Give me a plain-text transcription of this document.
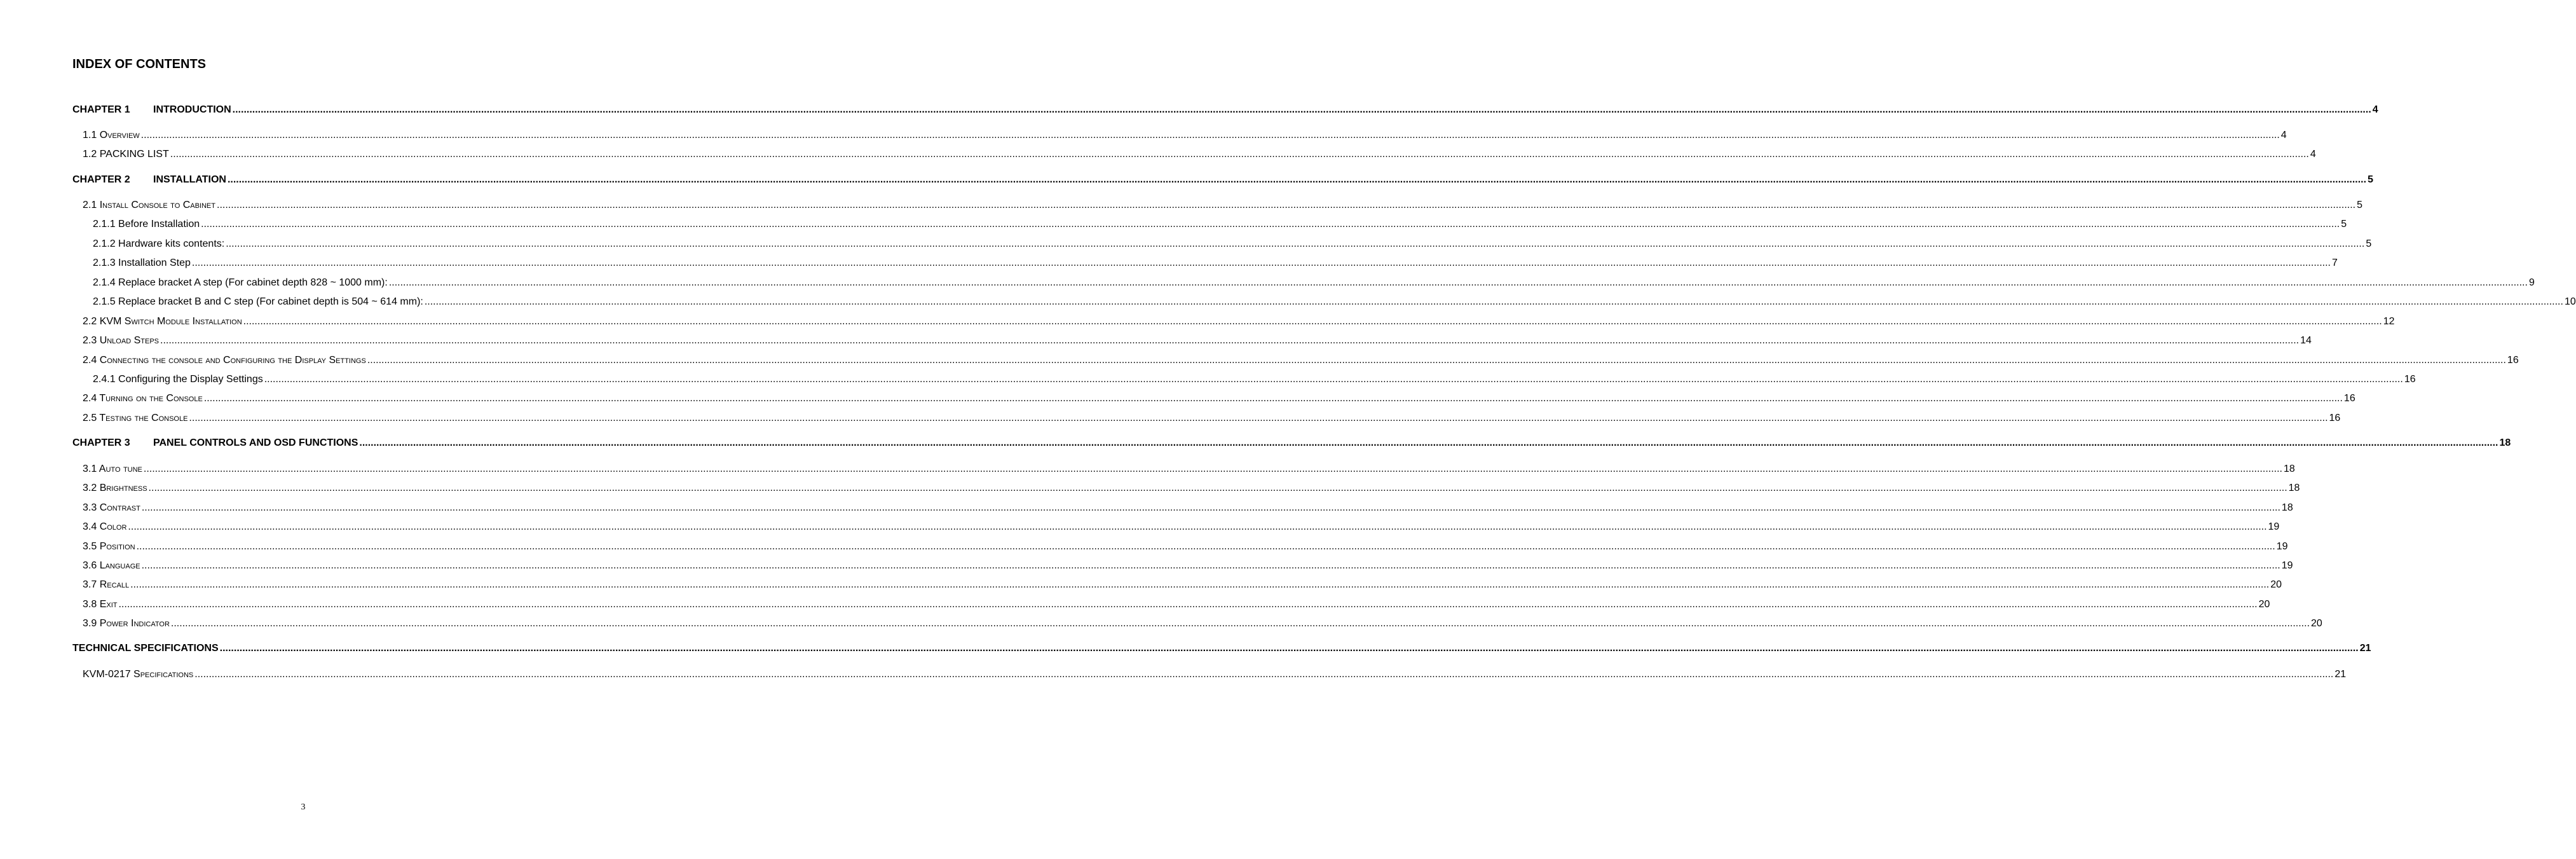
INDEX OF CONTENTS
CHAPTER 1 INTRODUCTION .....	4
1.1 Overview .....	4
1.2 PACKING LIST .....	4
CHAPTER 2 INSTALLATION .....	5
2.1 Install Console to Cabinet .....	5
2.1.1 Before Installation .....	5
2.1.2 Hardware kits contents: .....	5
2.1.3 Installation Step .....	7
2.1.4 Replace bracket A step (For cabinet depth 828 ~ 1000 mm): .....	9
2.1.5 Replace bracket B and C step (For cabinet depth is 504 ~ 614 mm): .....	10
2.2 KVM Switch Module Installation .....	12
2.3 Unload Steps .....	14
2.4 Connecting the console and Configuring the Display Settings .....	16
2.4.1 Configuring the Display Settings .....	16
2.4 Turning on the Console .....	16
2.5 Testing the Console .....	16
CHAPTER 3 PANEL CONTROLS AND OSD FUNCTIONS .....	18
3.1 Auto tune .....	18
3.2 Brightness .....	18
3.3 Contrast .....	18
3.4 Color .....	19
3.5 Position .....	19
3.6 Language .....	19
3.7 Recall .....	20
3.8 Exit .....	20
3.9 Power Indicator .....	20
TECHNICAL SPECIFICATIONS .....	21
KVM-0217 Specifications .....	21
3
